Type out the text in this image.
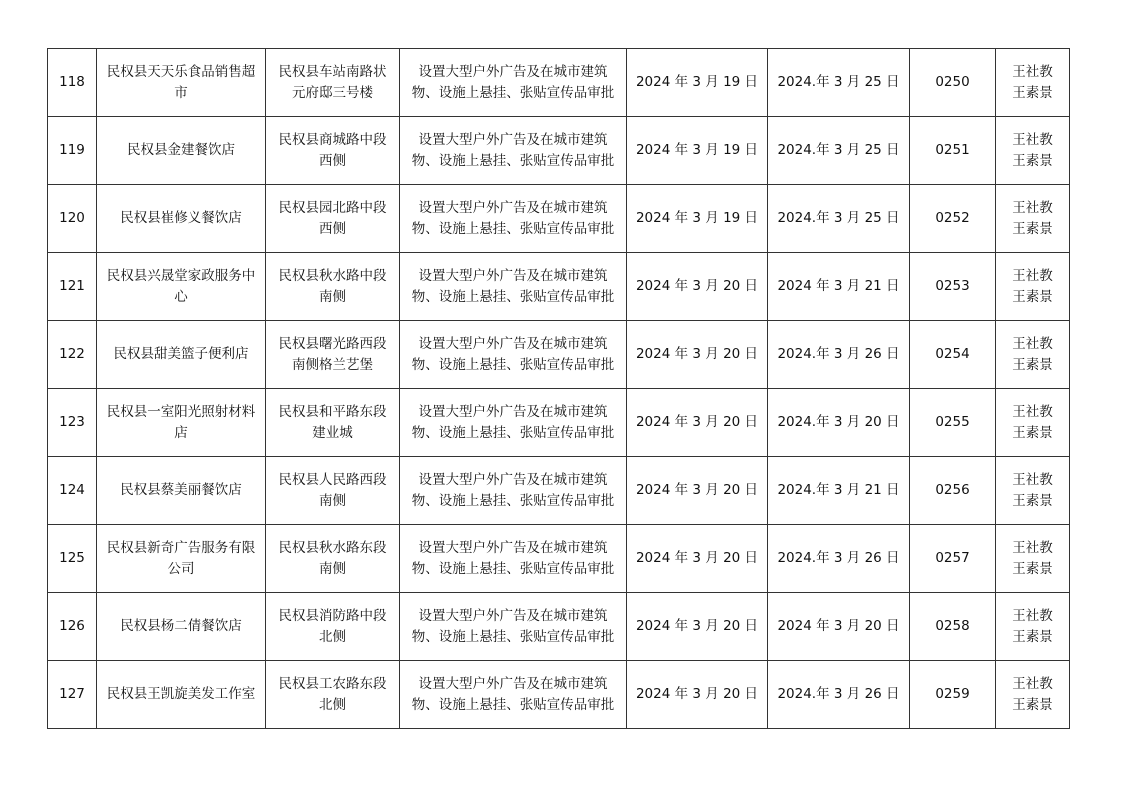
118	民权县天天乐食品销售超市	民权县车站南路状元府邸三号楼	设置大型户外广告及在城市建筑物、设施上悬挂、张贴宣传品审批	2024 年 3 月 19 日	2024.年 3 月 25 日	0250	王社教
王素景

119	民权县金建餐饮店	民权县商城路中段西侧	设置大型户外广告及在城市建筑物、设施上悬挂、张贴宣传品审批	2024 年 3 月 19 日	2024.年 3 月 25 日	0251	王社教
王素景

120	民权县崔修义餐饮店	民权县园北路中段西侧	设置大型户外广告及在城市建筑物、设施上悬挂、张贴宣传品审批	2024 年 3 月 19 日	2024.年 3 月 25 日	0252	王社教
王素景

121	民权县兴晟堂家政服务中心	民权县秋水路中段南侧	设置大型户外广告及在城市建筑物、设施上悬挂、张贴宣传品审批	2024 年 3 月 20 日	2024 年 3 月 21 日	0253	王社教
王素景

122	民权县甜美篮子便利店	民权县曙光路西段南侧格兰艺堡	设置大型户外广告及在城市建筑物、设施上悬挂、张贴宣传品审批	2024 年 3 月 20 日	2024.年 3 月 26 日	0254	王社教
王素景

123	民权县一室阳光照射材料店	民权县和平路东段建业城	设置大型户外广告及在城市建筑物、设施上悬挂、张贴宣传品审批	2024 年 3 月 20 日	2024.年 3 月 20 日	0255	王社教
王素景

124	民权县蔡美丽餐饮店	民权县人民路西段南侧	设置大型户外广告及在城市建筑物、设施上悬挂、张贴宣传品审批	2024 年 3 月 20 日	2024.年 3 月 21 日	0256	王社教
王素景

125	民权县新奇广告服务有限公司	民权县秋水路东段南侧	设置大型户外广告及在城市建筑物、设施上悬挂、张贴宣传品审批	2024 年 3 月 20 日	2024.年 3 月 26 日	0257	王社教
王素景

126	民权县杨二倩餐饮店	民权县消防路中段北侧	设置大型户外广告及在城市建筑物、设施上悬挂、张贴宣传品审批	2024 年 3 月 20 日	2024 年 3 月 20 日	0258	王社教
王素景

127	民权县王凯旋美发工作室	民权县工农路东段北侧	设置大型户外广告及在城市建筑物、设施上悬挂、张贴宣传品审批	2024 年 3 月 20 日	2024.年 3 月 26 日	0259	王社教
王素景
